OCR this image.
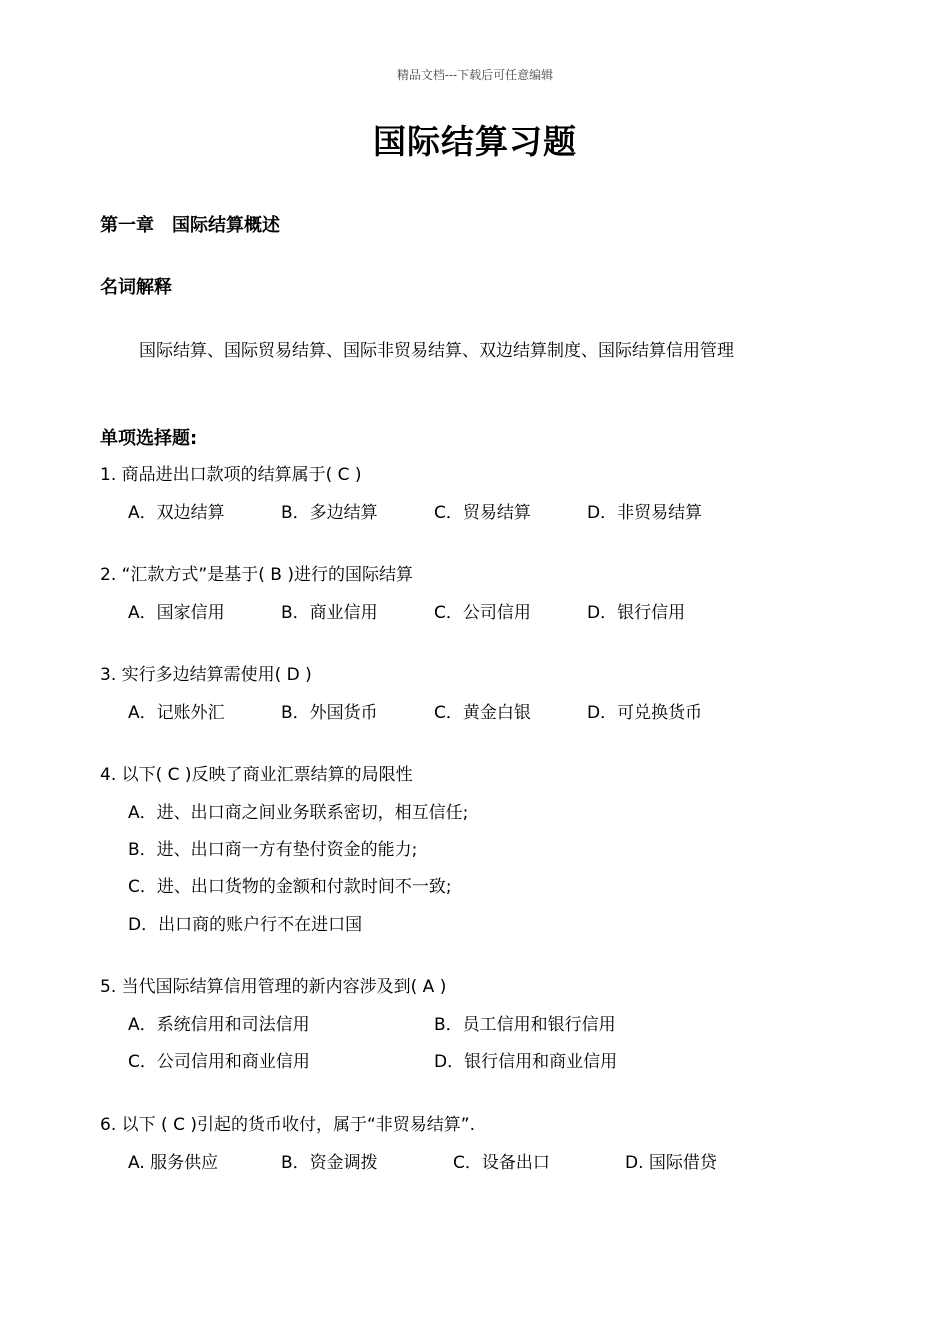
精品文档---下载后可任意编辑
国际结算习题
第一章　国际结算概述
名词解释
国际结算、国际贸易结算、国际非贸易结算、双边结算制度、国际结算信用管理
单项选择题:
1. 商品进出口款项的结算属于( C )
A．双边结算	B．多边结算	C．贸易结算	D．非贸易结算
2. “汇款方式”是基于( B )进行的国际结算
A．国家信用	B．商业信用	C．公司信用	D．银行信用
3. 实行多边结算需使用( D )
A．记账外汇	B．外国货币	C．黄金白银	D．可兑换货币
4. 以下( C )反映了商业汇票结算的局限性
A．进、出口商之间业务联系密切，相互信任;
B．进、出口商一方有垫付资金的能力;
C．进、出口货物的金额和付款时间不一致;
D．出口商的账户行不在进口国
5. 当代国际结算信用管理的新内容涉及到( A )
A．系统信用和司法信用	B．员工信用和银行信用
C．公司信用和商业信用	D．银行信用和商业信用
6. 以下 ( C )引起的货币收付，属于“非贸易结算”.
A. 服务供应	B．资金调拨	C．设备出口	D. 国际借贷
